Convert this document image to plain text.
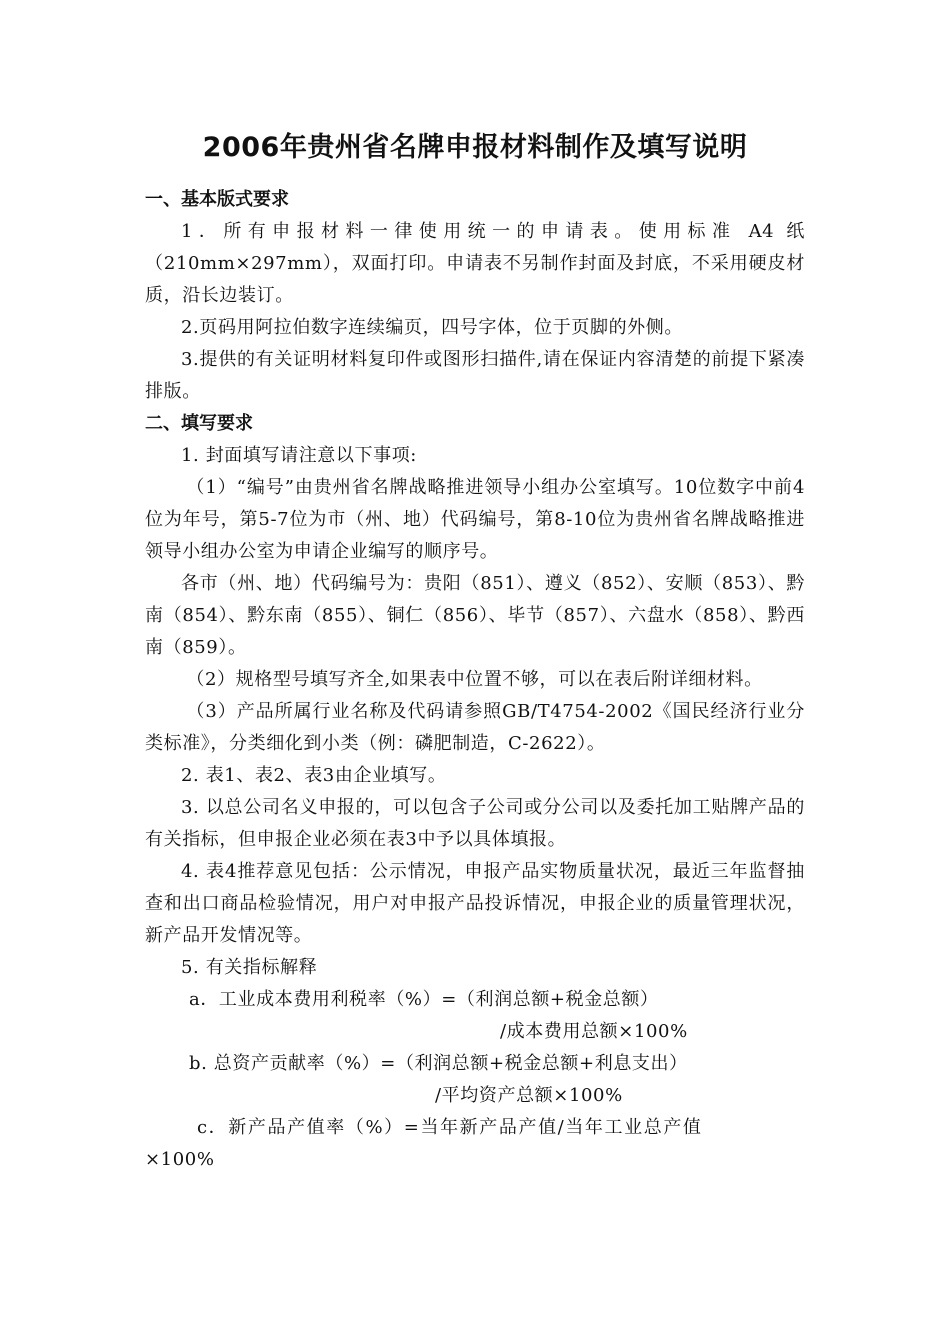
2006年贵州省名牌申报材料制作及填写说明

一、基本版式要求

1．所有申报材料一律使用统一的申请表。使用标准 A4 纸（210mm×297mm），双面打印。申请表不另制作封面及封底，不采用硬皮材质，沿长边装订。

2.页码用阿拉伯数字连续编页，四号字体，位于页脚的外侧。

3.提供的有关证明材料复印件或图形扫描件,请在保证内容清楚的前提下紧凑排版。

二、填写要求

1. 封面填写请注意以下事项:

（1）“编号”由贵州省名牌战略推进领导小组办公室填写。10位数字中前4位为年号，第5-7位为市（州、地）代码编号，第8-10位为贵州省名牌战略推进领导小组办公室为申请企业编写的顺序号。

各市（州、地）代码编号为：贵阳（851）、遵义（852）、安顺（853）、黔南（854）、黔东南（855）、铜仁（856）、毕节（857）、六盘水（858）、黔西南（859）。

（2）规格型号填写齐全,如果表中位置不够，可以在表后附详细材料。

（3）产品所属行业名称及代码请参照GB/T4754-2002《国民经济行业分类标准》，分类细化到小类（例：磷肥制造，C-2622）。

2. 表1、表2、表3由企业填写。

3. 以总公司名义申报的，可以包含子公司或分公司以及委托加工贴牌产品的有关指标，但申报企业必须在表3中予以具体填报。

4. 表4推荐意见包括：公示情况，申报产品实物质量状况，最近三年监督抽查和出口商品检验情况，用户对申报产品投诉情况，申报企业的质量管理状况，新产品开发情况等。

5. 有关指标解释

a．工业成本费用利税率（%）=（利润总额+税金总额）

/成本费用总额×100%

b. 总资产贡献率（%）=（利润总额+税金总额+利息支出）

/平均资产总额×100%

c．新产品产值率（%）=当年新产品产值/当年工业总产值

×100%
